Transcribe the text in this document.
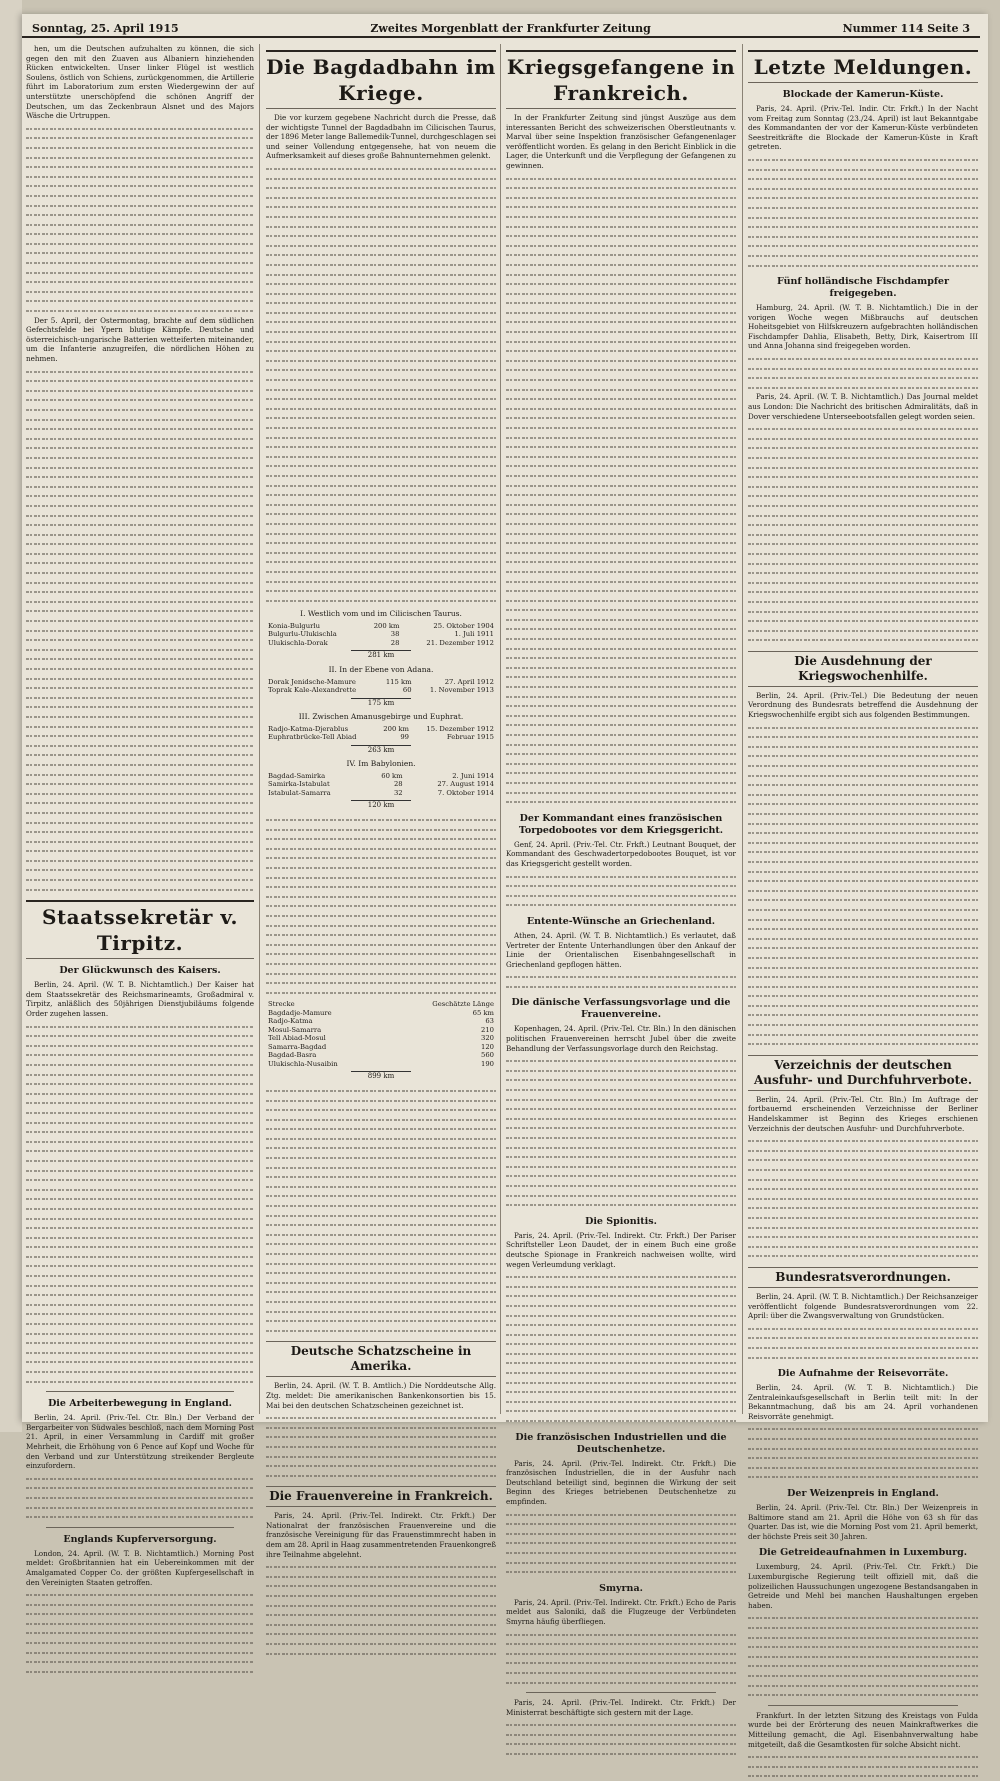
Sonntag, 25. April 1915	Zweites Morgenblatt der Frankfurter Zeitung	Nummer 114 Seite 3

hen, um die Deutschen aufzuhalten zu können, die sich gegen den mit den Zuaven aus Albaniern hinziehenden Rücken entwickelten. Unser linker Flügel ist westlich Soulens, östlich von Schiens, zurückgenommen, die Artillerie führt im Laboratorium zum ersten Wiedergewinn der auf unterstützte unerschöpfend die schönen Angriff der Deutschen, um das Zeckenbraun Alsnet und des Majors Wäsche die Urtruppen.

Der 5. April, der Ostermontag, brachte auf dem südlichen Gefechtsfelde bei Ypern blutige Kämpfe. Deutsche und österreichisch-ungarische Batterien wetteiferten miteinander, um die Infanterie anzugreifen, die nördlichen Höhen zu nehmen.

Staatssekretär v. Tirpitz.
Der Glückwunsch des Kaisers.

Berlin, 24. April. (W. T. B. Nichtamtlich.) Der Kaiser hat dem Staatssekretär des Reichsmarineamts, Großadmiral v. Tirpitz, anläßlich des 50jährigen Dienstjubiläums folgende Order zugehen lassen.

Die Arbeiterbewegung in England.

Berlin, 24. April. (Priv.-Tel. Ctr. Bln.) Der Verband der Bergarbeiter von Südwales beschloß, nach dem Morning Post 21. April, in einer Versammlung in Cardiff mit großer Mehrheit, die Erhöhung von 6 Pence auf Kopf und Woche für den Verband und zur Unterstützung streikender Bergleute einzufordern.

Englands Kupferversorgung.

London, 24. April. (W. T. B. Nichtamtlich.) Morning Post meldet: Großbritannien hat ein Uebereinkommen mit der Amalgamated Copper Co. der größten Kupfergesellschaft in den Vereinigten Staaten getroffen.

Die Bagdadbahn im Kriege.

Die vor kurzem gegebene Nachricht durch die Presse, daß der wichtigste Tunnel der Bagdadbahn im Cilicischen Taurus, der 1896 Meter lange Ballemedik-Tunnel, durchgeschlagen sei und seiner Vollendung entgegensehe, hat von neuem die Aufmerksamkeit auf dieses große Bahnunternehmen gelenkt.

I. Westlich vom und im Cilicischen Taurus.
Konia-Bulgurlu	200 km	25. Oktober 1904
Bulgurlu-Ulukischla	38	1. Juli 1911
Ulukischla-Dorak	28	21. Dezember 1912
281 km
II. In der Ebene von Adana.
Dorak Jenidsche-Mamure	115 km	27. April 1912
Toprak Kale-Alexandrette	60	1. November 1913
175 km
III. Zwischen Amanusgebirge und Euphrat.
Radjo-Katma-Djerablus	200 km	15. Dezember 1912
Euphratbrücke-Tell Abiad	99	Februar 1915
263 km
IV. Im Babylonien.
Bagdad-Samirka	60 km	2. Juni 1914
Samirka-Istabulat	28	27. August 1914
Istabulat-Samarra	32	7. Oktober 1914
120 km
Strecke	Geschätzte Länge
Bagdadje-Mamure	65 km
Radjo-Katma	63
Mosul-Samarra	210
Tell Abiad-Mosul	320
Samarra-Bagdad	120
Bagdad-Basra	560
Ulukischla-Nusaibin	190
899 km
Deutsche Schatzscheine in Amerika.

Berlin, 24. April. (W. T. B. Amtlich.) Die Norddeutsche Allg. Ztg. meldet: Die amerikanischen Bankenkonsortien bis 15. Mai bei den deutschen Schatzscheinen gezeichnet ist.

Die Frauenvereine in Frankreich.

Paris, 24. April. (Priv.-Tel. Indirekt. Ctr. Frkft.) Der Nationalrat der französischen Frauenvereine und die französische Vereinigung für das Frauenstimmrecht haben in dem am 28. April in Haag zusammentretenden Frauenkongreß ihre Teilnahme abgelehnt.

Kriegsgefangene in Frankreich.

In der Frankfurter Zeitung sind jüngst Auszüge aus dem interessanten Bericht des schweizerischen Oberstleutnants v. Marval über seine Inspektion französischer Gefangenenlager veröffentlicht worden. Es gelang in den Bericht Einblick in die Lager, die Unterkunft und die Verpflegung der Gefangenen zu gewinnen.

Der Kommandant eines französischen Torpedobootes vor dem Kriegsgericht.

Genf, 24. April. (Priv.-Tel. Ctr. Frkft.) Leutnant Bouquet, der Kommandant des Geschwadertorpedobootes Bouquet, ist vor das Kriegsgericht gestellt worden.

Entente-Wünsche an Griechenland.

Athen, 24. April. (W. T. B. Nichtamtlich.) Es verlautet, daß Vertreter der Entente Unterhandlungen über den Ankauf der Linie der Orientalischen Eisenbahngesellschaft in Griechenland gepflogen hätten.

Die dänische Verfassungsvorlage und die Frauenvereine.

Kopenhagen, 24. April. (Priv.-Tel. Ctr. Bln.) In den dänischen politischen Frauenvereinen herrscht Jubel über die zweite Behandlung der Verfassungsvorlage durch den Reichstag.

Die Spionitis.

Paris, 24. April. (Priv.-Tel. Indirekt. Ctr. Frkft.) Der Pariser Schriftsteller Leon Daudet, der in einem Buch eine große deutsche Spionage in Frankreich nachweisen wollte, wird wegen Verleumdung verklagt.

Die französischen Industriellen und die Deutschenhetze.

Paris, 24. April. (Priv.-Tel. Indirekt. Ctr. Frkft.) Die französischen Industriellen, die in der Ausfuhr nach Deutschland beteiligt sind, beginnen die Wirkung der seit Beginn des Krieges betriebenen Deutschenhetze zu empfinden.

Smyrna.

Paris, 24. April. (Priv.-Tel. Indirekt. Ctr. Frkft.) Echo de Paris meldet aus Saloniki, daß die Flugzeuge der Verbündeten Smyrna häufig überfliegen.

Paris, 24. April. (Priv.-Tel. Indirekt. Ctr. Frkft.) Der Ministerrat beschäftigte sich gestern mit der Lage.

Letzte Meldungen.
Blockade der Kamerun-Küste.

Paris, 24. April. (Priv.-Tel. Indir. Ctr. Frkft.) In der Nacht vom Freitag zum Sonntag (23./24. April) ist laut Bekanntgabe des Kommandanten der vor der Kamerun-Küste verbündeten Seestreitkräfte die Blockade der Kamerun-Küste in Kraft getreten.

Fünf holländische Fischdampfer freigegeben.

Hamburg, 24. April. (W. T. B. Nichtamtlich.) Die in der vorigen Woche wegen Mißbrauchs auf deutschen Hoheitsgebiet von Hilfskreuzern aufgebrachten holländischen Fischdampfer Dahlia, Elisabeth, Betty, Dirk, Kaisertrom III und Anna Johanna sind freigegeben worden.

Paris, 24. April. (W. T. B. Nichtamtlich.) Das Journal meldet aus London: Die Nachricht des britischen Admiralitäts, daß in Dover verschiedene Unterseebootsfallen gelegt worden seien.

Die Ausdehnung der Kriegswochenhilfe.

Berlin, 24. April. (Priv.-Tel.) Die Bedeutung der neuen Verordnung des Bundesrats betreffend die Ausdehnung der Kriegswochenhilfe ergibt sich aus folgenden Bestimmungen.

Verzeichnis der deutschen Ausfuhr- und Durchfuhrverbote.

Berlin, 24. April. (Priv.-Tel. Ctr. Bln.) Im Auftrage der fortbauernd erscheinenden Verzeichnisse der Berliner Handelskammer ist Beginn des Krieges erschienen Verzeichnis der deutschen Ausfuhr- und Durchfuhrverbote.

Bundesratsverordnungen.

Berlin, 24. April. (W. T. B. Nichtamtlich.) Der Reichsanzeiger veröffentlicht folgende Bundesratsverordnungen vom 22. April: über die Zwangsverwaltung von Grundstücken.

Die Aufnahme der Reisevorräte.

Berlin, 24. April. (W. T. B. Nichtamtlich.) Die Zentraleinkaufsgesellschaft in Berlin teilt mit: In der Bekanntmachung, daß bis am 24. April vorhandenen Reisvorräte genehmigt.

Der Weizenpreis in England.

Berlin, 24. April. (Priv.-Tel. Ctr. Bln.) Der Weizenpreis in Baltimore stand am 21. April die Höhe von 63 sh für das Quarter. Das ist, wie die Morning Post vom 21. April bemerkt, der höchste Preis seit 30 Jahren.

Die Getreideaufnahmen in Luxemburg.

Luxemburg, 24. April. (Priv.-Tel. Ctr. Frkft.) Die Luxemburgische Regierung teilt offiziell mit, daß die polizeilichen Haussuchungen ungezogene Bestandsangaben in Getreide und Mehl bei manchen Haushaltungen ergeben haben.

Frankfurt. In der letzten Sitzung des Kreistags von Fulda wurde bei der Erörterung des neuen Mainkraftwerkes die Mitteilung gemacht, die Agl. Eisenbahnverwaltung habe mitgeteilt, daß die Gesamtkosten für solche Absicht nicht.
